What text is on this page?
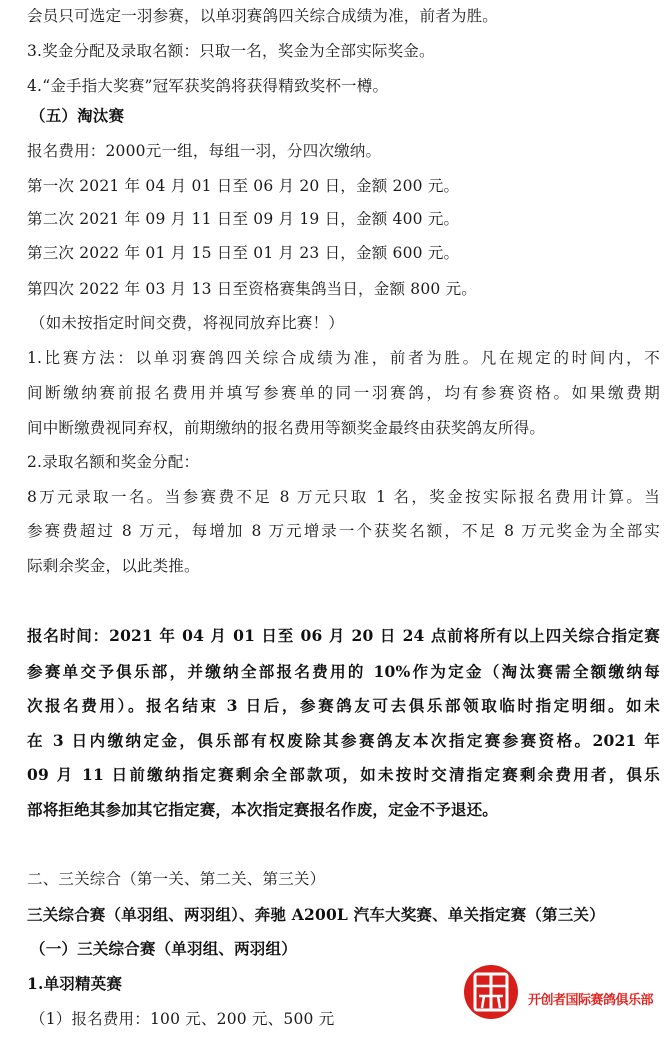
会员只可选定一羽参赛，以单羽赛鸽四关综合成绩为准，前者为胜。
3.奖金分配及录取名额：只取一名，奖金为全部实际奖金。
4.“金手指大奖赛”冠军获奖鸽将获得精致奖杯一樽。
（五）淘汰赛
报名费用：2000元一组，每组一羽，分四次缴纳。
第一次 2021 年 04 月 01 日至 06 月 20 日，金额 200 元。
第二次 2021 年 09 月 11 日至 09 月 19 日，金额 400 元。
第三次 2022 年 01 月 15 日至 01 月 23 日，金额 600 元。
第四次 2022 年 03 月 13 日至资格赛集鸽当日，金额 800 元。
（如未按指定时间交费，将视同放弃比赛！）
1.比赛方法：以单羽赛鸽四关综合成绩为准，前者为胜。凡在规定的时间内，不
间断缴纳赛前报名费用并填写参赛单的同一羽赛鸽，均有参赛资格。如果缴费期
间中断缴费视同弃权，前期缴纳的报名费用等额奖金最终由获奖鸽友所得。
2.录取名额和奖金分配：
8万元录取一名。当参赛费不足 8 万元只取 1 名，奖金按实际报名费用计算。当
参赛费超过 8 万元，每增加 8 万元增录一个获奖名额，不足 8 万元奖金为全部实
际剩余奖金，以此类推。
报名时间：2021 年 04 月 01 日至 06 月 20 日 24 点前将所有以上四关综合指定赛
参赛单交予俱乐部，并缴纳全部报名费用的 10%作为定金（淘汰赛需全额缴纳每
次报名费用）。报名结束 3 日后，参赛鸽友可去俱乐部领取临时指定明细。如未
在 3 日内缴纳定金，俱乐部有权废除其参赛鸽友本次指定赛参赛资格。2021 年
09 月 11 日前缴纳指定赛剩余全部款项，如未按时交清指定赛剩余费用者，俱乐
部将拒绝其参加其它指定赛，本次指定赛报名作废，定金不予退还。
二、三关综合（第一关、第二关、第三关）
三关综合赛（单羽组、两羽组）、奔驰 A200L 汽车大奖赛、单关指定赛（第三关）
（一）三关综合赛（单羽组、两羽组）
1.单羽精英赛
（1）报名费用：100 元、200 元、500 元
开创者国际赛鸽俱乐部
